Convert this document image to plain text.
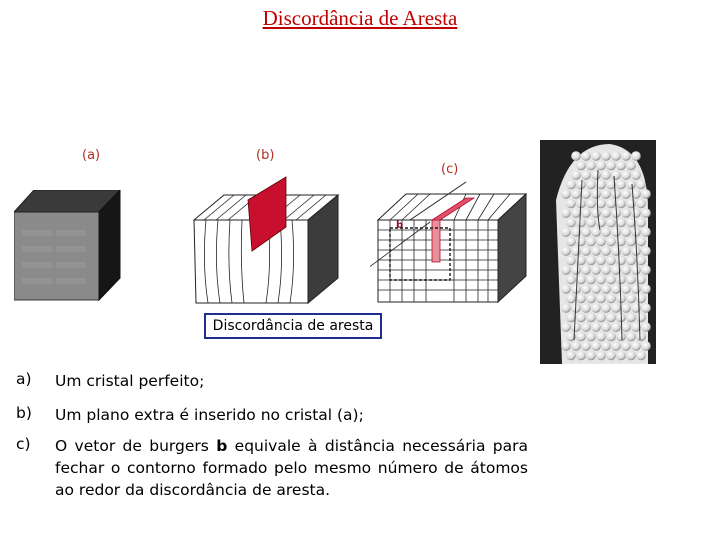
Discordância de Aresta
(a)	(b)
(c)
b
Discordância de aresta
a) Um cristal perfeito;
b) Um plano extra é inserido no cristal (a);
c) O vetor de burgers b equivale à distância necessária para fechar o contorno formado pelo mesmo número de átomos ao redor da discordância de aresta.
